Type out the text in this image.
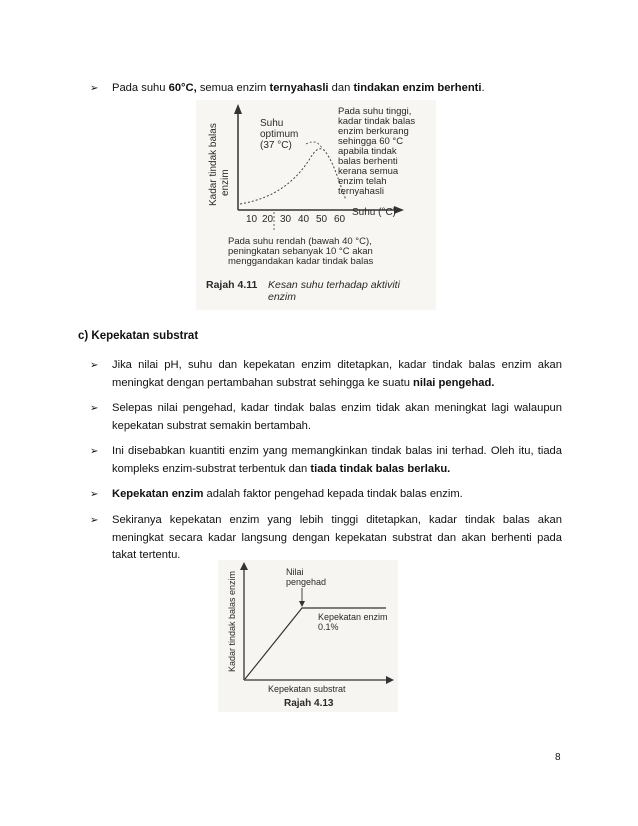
➢ Pada suhu 60°C, semua enzim ternyahasli dan tindakan enzim berhenti.
Kadar tindak balas enzim
Suhu
optimum
(37 °C)
Pada suhu tinggi,
kadar tindak balas
enzim berkurang
sehingga 60 °C
apabila tindak
balas berhenti
kerana semua
enzim telah
ternyahasli
10 20 30 40 50 60
Suhu (°C)
Pada suhu rendah (bawah 40 °C),
peningkatan sebanyak 10 °C akan
menggandakan kadar tindak balas
Rajah 4.11 Kesan suhu terhadap aktiviti
enzim
c) Kepekatan substrat
➢ Jika nilai pH, suhu dan kepekatan enzim ditetapkan, kadar tindak balas enzim akan meningkat dengan pertambahan substrat sehingga ke suatu nilai pengehad.
➢ Selepas nilai pengehad, kadar tindak balas enzim tidak akan meningkat lagi walaupun kepekatan substrat semakin bertambah.
➢ Ini disebabkan kuantiti enzim yang memangkinkan tindak balas ini terhad. Oleh itu, tiada kompleks enzim-substrat terbentuk dan tiada tindak balas berlaku.
➢ Kepekatan enzim adalah faktor pengehad kepada tindak balas enzim.
➢ Sekiranya kepekatan enzim yang lebih tinggi ditetapkan, kadar tindak balas akan meningkat secara kadar langsung dengan kepekatan substrat dan akan berhenti pada takat tertentu.
Kadar tindak balas enzim	Nilai
pengehad
Kepekatan enzim
0.1%
Kepekatan substrat
Rajah 4.13
8
